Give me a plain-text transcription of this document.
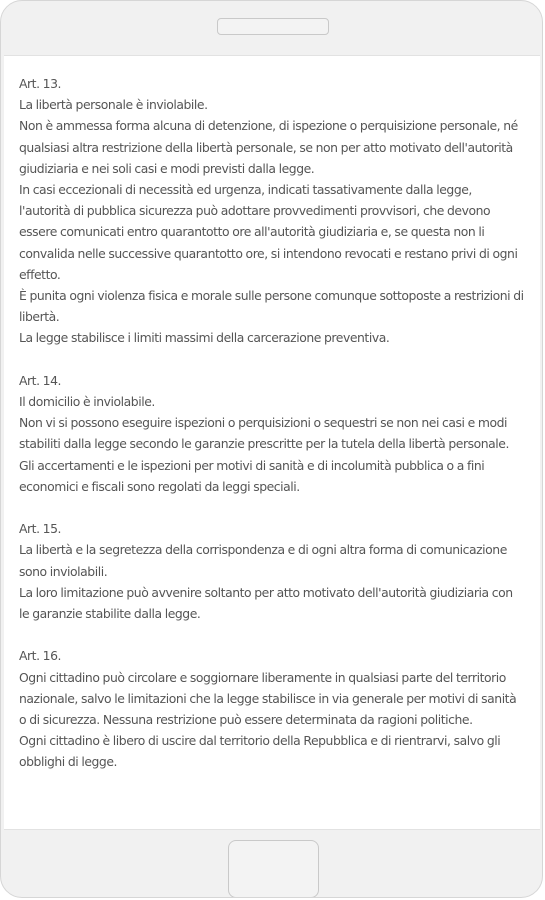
Art. 13.

La libertà personale è inviolabile.

Non è ammessa forma alcuna di detenzione, di ispezione o perquisizione personale, né qualsiasi altra restrizione della libertà personale, se non per atto motivato dell'autorità giudiziaria e nei soli casi e modi previsti dalla legge.

In casi eccezionali di necessità ed urgenza, indicati tassativamente dalla legge, l'autorità di pubblica sicurezza può adottare provvedimenti provvisori, che devono essere comunicati entro quarantotto ore all'autorità giudiziaria e, se questa non li convalida nelle successive quarantotto ore, si intendono revocati e restano privi di ogni effetto.

È punita ogni violenza fisica e morale sulle persone comunque sottoposte a restrizioni di libertà.

La legge stabilisce i limiti massimi della carcerazione preventiva.

Art. 14.

Il domicilio è inviolabile.

Non vi si possono eseguire ispezioni o perquisizioni o sequestri se non nei casi e modi stabiliti dalla legge secondo le garanzie prescritte per la tutela della libertà personale.

Gli accertamenti e le ispezioni per motivi di sanità e di incolumità pubblica o a fini economici e fiscali sono regolati da leggi speciali.

Art. 15.

La libertà e la segretezza della corrispondenza e di ogni altra forma di comunicazione sono inviolabili.

La loro limitazione può avvenire soltanto per atto motivato dell'autorità giudiziaria con le garanzie stabilite dalla legge.

Art. 16.

Ogni cittadino può circolare e soggiornare liberamente in qualsiasi parte del territorio nazionale, salvo le limitazioni che la legge stabilisce in via generale per motivi di sanità o di sicurezza. Nessuna restrizione può essere determinata da ragioni politiche.

Ogni cittadino è libero di uscire dal territorio della Repubblica e di rientrarvi, salvo gli obblighi di legge.
